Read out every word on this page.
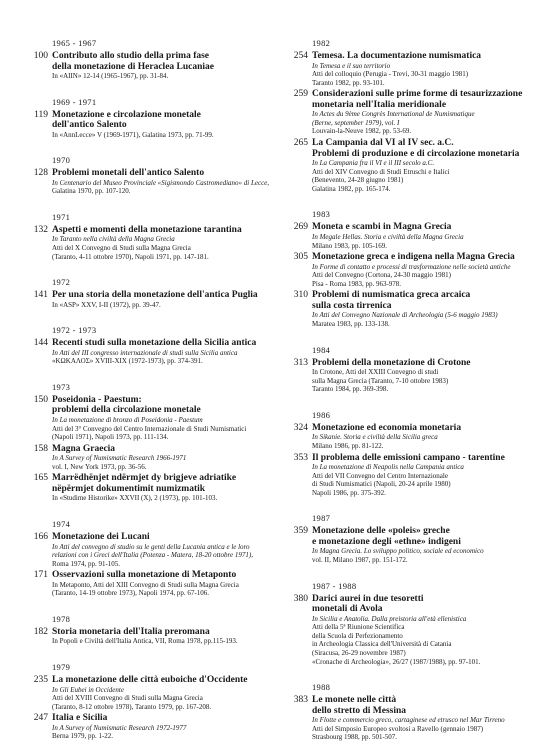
1965 - 1967
100 Contributo allo studio della prima fase
della monetazione di Heraclea Lucaniae
In «AIIN» 12-14 (1965-1967), pp. 31-84.
1969 - 1971
119 Monetazione e circolazione monetale
dell'antico Salento
In «AnnLecce» V (1969-1971), Galatina 1973, pp. 71-99.
1970
128 Problemi monetali dell'antico Salento
In Centenario del Museo Provinciale «Sigismondo Castromediano» di Lecce,
Galatina 1970, pp. 107-120.
1971
132 Aspetti e momenti della monetazione tarantina
In Taranto nella civiltà della Magna Grecia
Atti del X Convegno di Studi sulla Magna Grecia
(Taranto, 4-11 ottobre 1970), Napoli 1971, pp. 147-181.
1972
141 Per una storia della monetazione dell'antica Puglia
In «ASP» XXV, I-II (1972), pp. 39-47.
1972 - 1973
144 Recenti studi sulla monetazione della Sicilia antica
In Atti del III congresso internazionale di studi sulla Sicilia antica
«ΚΩΚΑΛΟΣ» XVIII-XIX (1972-1973), pp. 374-391.
1973
150 Poseidonia - Paestum:
problemi della circolazione monetale
In La monetazione di bronzo di Poseidonia - Paestum
Atti del 3° Convegno del Centro Internazionale di Studi Numismatici
(Napoli 1971), Napoli 1973, pp. 111-134.
158 Magna Graecia
In A Survey of Numismatic Research 1966-1971
vol. I, New York 1973, pp. 36-56.
165 Marrëdhënjet ndërmjet dy brigjeve adriatike
nëpërmjet dokumentimit numizmatik
In «Studime Historike» XXVII (X), 2 (1973), pp. 101-103.
1974
166 Monetazione dei Lucani
In Atti del convegno di studio su le genti della Lucania antica e le loro
relazioni con i Greci dell'Italia (Potenza - Matera, 18-20 ottobre 1971),
Roma 1974, pp. 91-105.
171 Osservazioni sulla monetazione di Metaponto
In Metaponto, Atti del XIII Convegno di Studi sulla Magna Grecia
(Taranto, 14-19 ottobre 1973), Napoli 1974, pp. 67-106.
1978
182 Storia monetaria dell'Italia preromana
In Popoli e Civiltà dell'Italia Antica, VII, Roma 1978, pp.115-193.
1979
235 La monetazione delle città euboiche d'Occidente
In Gli Eubei in Occidente
Atti del XVIII Convegno di Studi sulla Magna Grecia
(Taranto, 8-12 ottobre 1978), Taranto 1979, pp. 167-208.
247 Italia e Sicilia
In A Survey of Numismatic Research 1972-1977
Berna 1979, pp. 1-22.
1982
254 Temesa. La documentazione numismatica
In Temesa e il suo territorio
Atti del colloquio (Perugia - Trevi, 30-31 maggio 1981)
Taranto 1982, pp. 93-101.
259 Considerazioni sulle prime forme di tesaurizzazione
monetaria nell'Italia meridionale
In Actes du 9ème Congrès International de Numismatique
(Berne, september 1979), vol. I
Louvain-la-Neuve 1982, pp. 53-69.
265 La Campania dal VI al IV sec. a.C.
Problemi di produzione e di circolazione monetaria
In La Campania fra il VI e il III secolo a.C.
Atti del XIV Convegno di Studi Etruschi e Italici
(Benevento, 24-28 giugno 1981)
Galatina 1982, pp. 165-174.
1983
269 Moneta e scambi in Magna Grecia
In Megale Hellas. Storia e civiltà della Magna Grecia
Milano 1983, pp. 105-169.
305 Monetazione greca e indigena nella Magna Grecia
In Forme di contatto e processi di trasformazione nelle società antiche
Atti del Convegno (Cortona, 24-30 maggio 1981)
Pisa - Roma 1983, pp. 963-978.
310 Problemi di numismatica greca arcaica
sulla costa tirrenica
In Atti del Convegno Nazionale di Archeologia (5-6 maggio 1983)
Maratea 1983, pp. 133-138.
1984
313 Problemi della monetazione di Crotone
In Crotone, Atti del XXIII Convegno di studi
sulla Magna Grecia (Taranto, 7-10 ottobre 1983)
Taranto 1984, pp. 369-398.
1986
324 Monetazione ed economia monetaria
In Sikanie. Storia e civiltà della Sicilia greca
Milano 1986, pp. 81-122.
353 Il problema delle emissioni campano - tarentine
In La monetazione di Neapolis nella Campania antica
Atti del VII Convegno del Centro Internazionale
di Studi Numismatici (Napoli, 20-24 aprile 1980)
Napoli 1986, pp. 375-392.
1987
359 Monetazione delle «poleis» greche
e monetazione degli «ethne» indigeni
In Magna Grecia. Lo sviluppo politico, sociale ed economico
vol. II, Milano 1987, pp. 151-172.
1987 - 1988
380 Darici aurei in due tesoretti
monetali di Avola
In Sicilia e Anatolia. Dalla preistoria all'età ellenistica
Atti della 5ª Riunione Scientifica
della Scuola di Perfezionamento
in Archeologia Classica dell'Università di Catania
(Siracusa, 26-29 novembre 1987)
«Cronache di Archeologia», 26/27 (1987/1988), pp. 97-101.
1988
383 Le monete nelle città
dello stretto di Messina
In Flotte e commercio greco, cartaginese ed etrusco nel Mar Tirreno
Atti del Simposio Europeo svoltosi a Ravello (gennaio 1987)
Strasbourg 1988, pp. 501-507.
